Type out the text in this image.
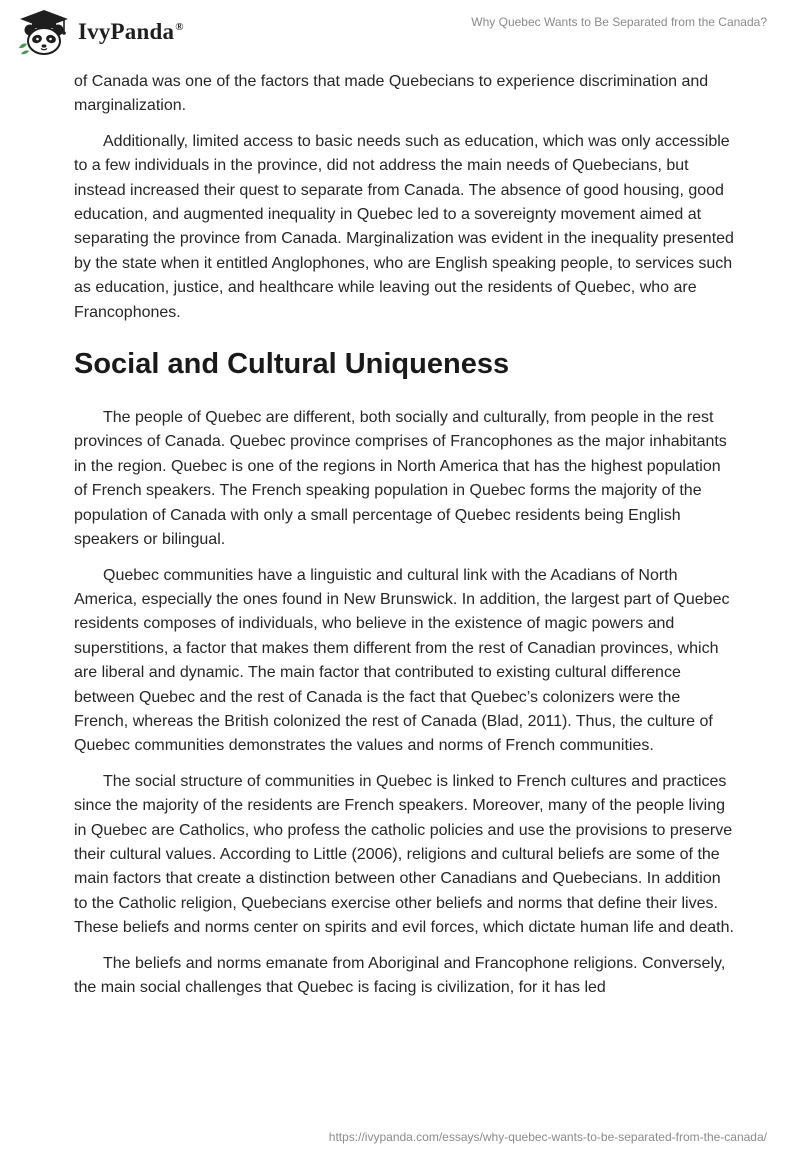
IvyPanda®	Why Quebec Wants to Be Separated from the Canada?

of Canada was one of the factors that made Quebecians to experience discrimination and marginalization.

Additionally, limited access to basic needs such as education, which was only accessible to a few individuals in the province, did not address the main needs of Quebecians, but instead increased their quest to separate from Canada. The absence of good housing, good education, and augmented inequality in Quebec led to a sovereignty movement aimed at separating the province from Canada. Marginalization was evident in the inequality presented by the state when it entitled Anglophones, who are English speaking people, to services such as education, justice, and healthcare while leaving out the residents of Quebec, who are Francophones.

Social and Cultural Uniqueness

The people of Quebec are different, both socially and culturally, from people in the rest provinces of Canada. Quebec province comprises of Francophones as the major inhabitants in the region. Quebec is one of the regions in North America that has the highest population of French speakers. The French speaking population in Quebec forms the majority of the population of Canada with only a small percentage of Quebec residents being English speakers or bilingual.

Quebec communities have a linguistic and cultural link with the Acadians of North America, especially the ones found in New Brunswick. In addition, the largest part of Quebec residents composes of individuals, who believe in the existence of magic powers and superstitions, a factor that makes them different from the rest of Canadian provinces, which are liberal and dynamic. The main factor that contributed to existing cultural difference between Quebec and the rest of Canada is the fact that Quebec’s colonizers were the French, whereas the British colonized the rest of Canada (Blad, 2011). Thus, the culture of Quebec communities demonstrates the values and norms of French communities.

The social structure of communities in Quebec is linked to French cultures and practices since the majority of the residents are French speakers. Moreover, many of the people living in Quebec are Catholics, who profess the catholic policies and use the provisions to preserve their cultural values. According to Little (2006), religions and cultural beliefs are some of the main factors that create a distinction between other Canadians and Quebecians. In addition to the Catholic religion, Quebecians exercise other beliefs and norms that define their lives. These beliefs and norms center on spirits and evil forces, which dictate human life and death.

The beliefs and norms emanate from Aboriginal and Francophone religions. Conversely, the main social challenges that Quebec is facing is civilization, for it has led

https://ivypanda.com/essays/why-quebec-wants-to-be-separated-from-the-canada/
